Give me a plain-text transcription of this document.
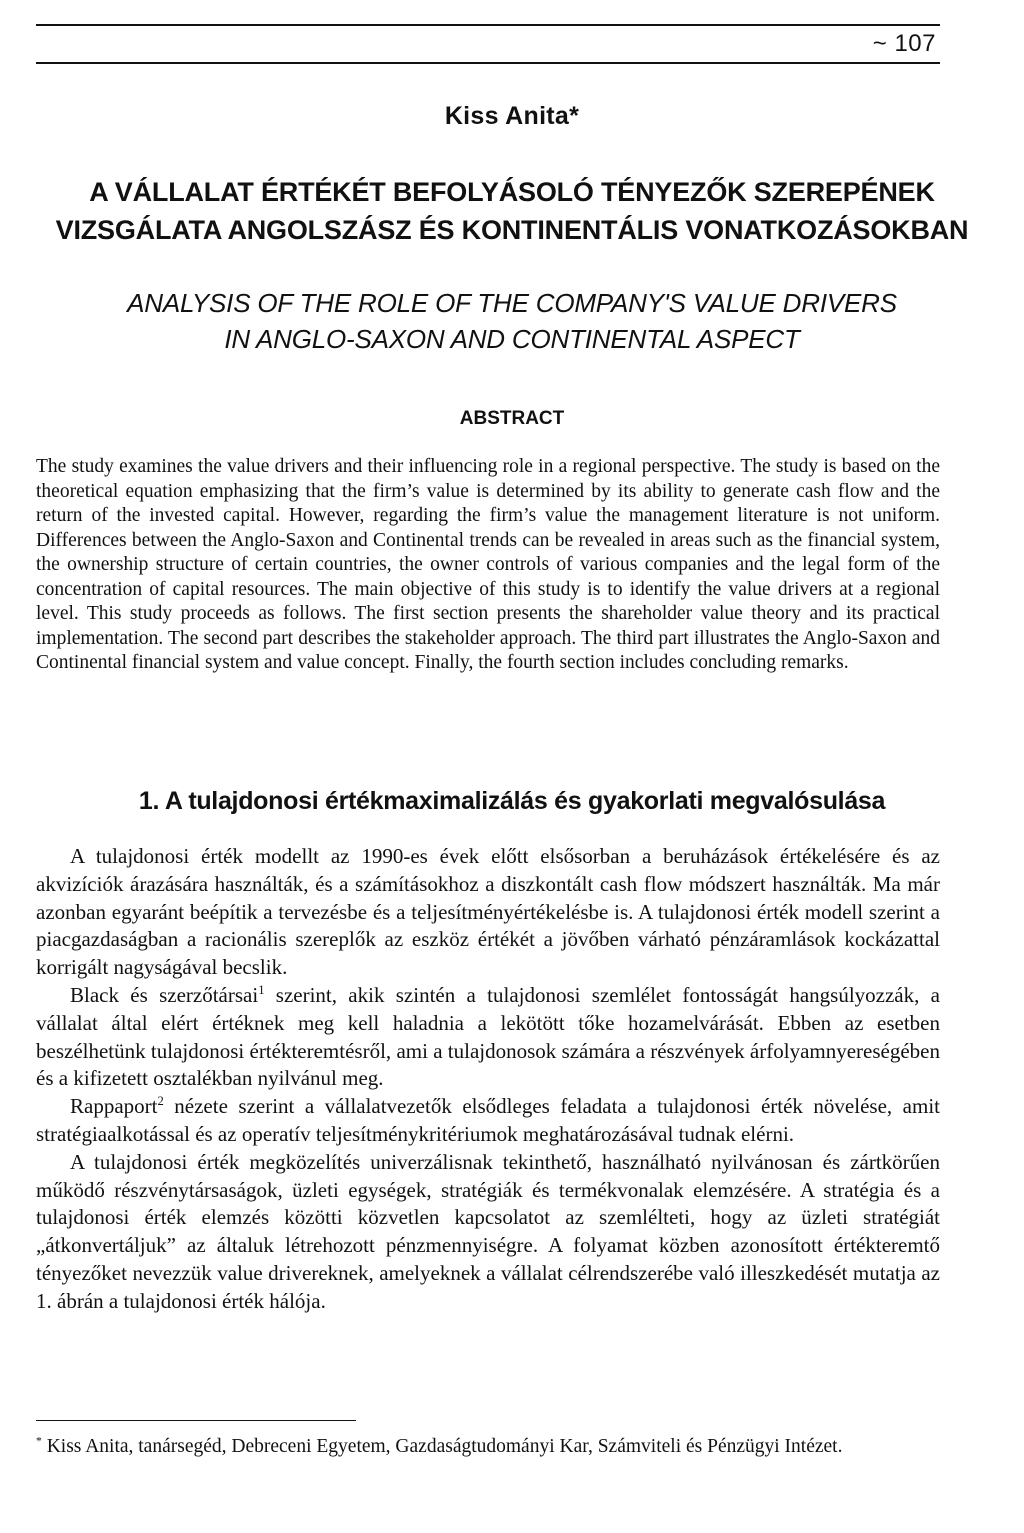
~ 107
Kiss Anita*
A VÁLLALAT ÉRTÉKÉT BEFOLYÁSOLÓ TÉNYEZŐK SZEREPÉNEK
VIZSGÁLATA ANGOLSZÁSZ ÉS KONTINENTÁLIS VONATKOZÁSOKBAN
ANALYSIS OF THE ROLE OF THE COMPANY'S VALUE DRIVERS
IN ANGLO-SAXON AND CONTINENTAL ASPECT
ABSTRACT
The study examines the value drivers and their influencing role in a regional perspective. The study is based on the theoretical equation emphasizing that the firm’s value is determined by its ability to generate cash flow and the return of the invested capital. However, regarding the firm’s value the management literature is not uniform. Differences between the Anglo-Saxon and Continental trends can be revealed in areas such as the financial system, the ownership structure of certain countries, the owner controls of various companies and the legal form of the concentration of capital resources. The main objective of this study is to identify the value drivers at a regional level. This study proceeds as follows. The first section presents the shareholder value theory and its practical implementation. The second part describes the stakeholder approach. The third part illustrates the Anglo-Saxon and Continental financial system and value concept. Finally, the fourth section includes concluding remarks.
1. A tulajdonosi értékmaximalizálás és gyakorlati megvalósulása

A tulajdonosi érték modellt az 1990-es évek előtt elsősorban a beruházások értékelésére és az akvizíciók árazására használták, és a számításokhoz a diszkontált cash flow módszert használták. Ma már azonban egyaránt beépítik a tervezésbe és a teljesítményértékelésbe is. A tulajdonosi érték modell szerint a piacgazdaságban a racionális szereplők az eszköz értékét a jövőben várható pénzáramlások kockázattal korrigált nagyságával becslik.

Black és szerzőtársai$^1$ szerint, akik szintén a tulajdonosi szemlélet fontosságát hangsúlyozzák, a vállalat által elért értéknek meg kell haladnia a lekötött tőke hozamelvárását. Ebben az esetben beszélhetünk tulajdonosi értékteremtésről, ami a tulajdonosok számára a részvények árfolyamnyereségében és a kifizetett osztalékban nyilvánul meg.

Rappaport$^2$ nézete szerint a vállalatvezetők elsődleges feladata a tulajdonosi érték növelése, amit stratégiaalkotással és az operatív teljesítménykritériumok meghatározásával tudnak elérni.

A tulajdonosi érték megközelítés univerzálisnak tekinthető, használható nyilvánosan és zártkörűen működő részvénytársaságok, üzleti egységek, stratégiák és termékvonalak elemzésére. A stratégia és a tulajdonosi érték elemzés közötti közvetlen kapcsolatot az szemlélteti, hogy az üzleti stratégiát „átkonvertáljuk” az általuk létrehozott pénzmennyiségre. A folyamat közben azonosított értékteremtő tényezőket nevezzük value drivereknek, amelyeknek a vállalat célrendszerébe való illeszkedését mutatja az 1. ábrán a tulajdonosi érték hálója.

* Kiss Anita, tanársegéd, Debreceni Egyetem, Gazdaságtudományi Kar, Számviteli és Pénzügyi Intézet.
